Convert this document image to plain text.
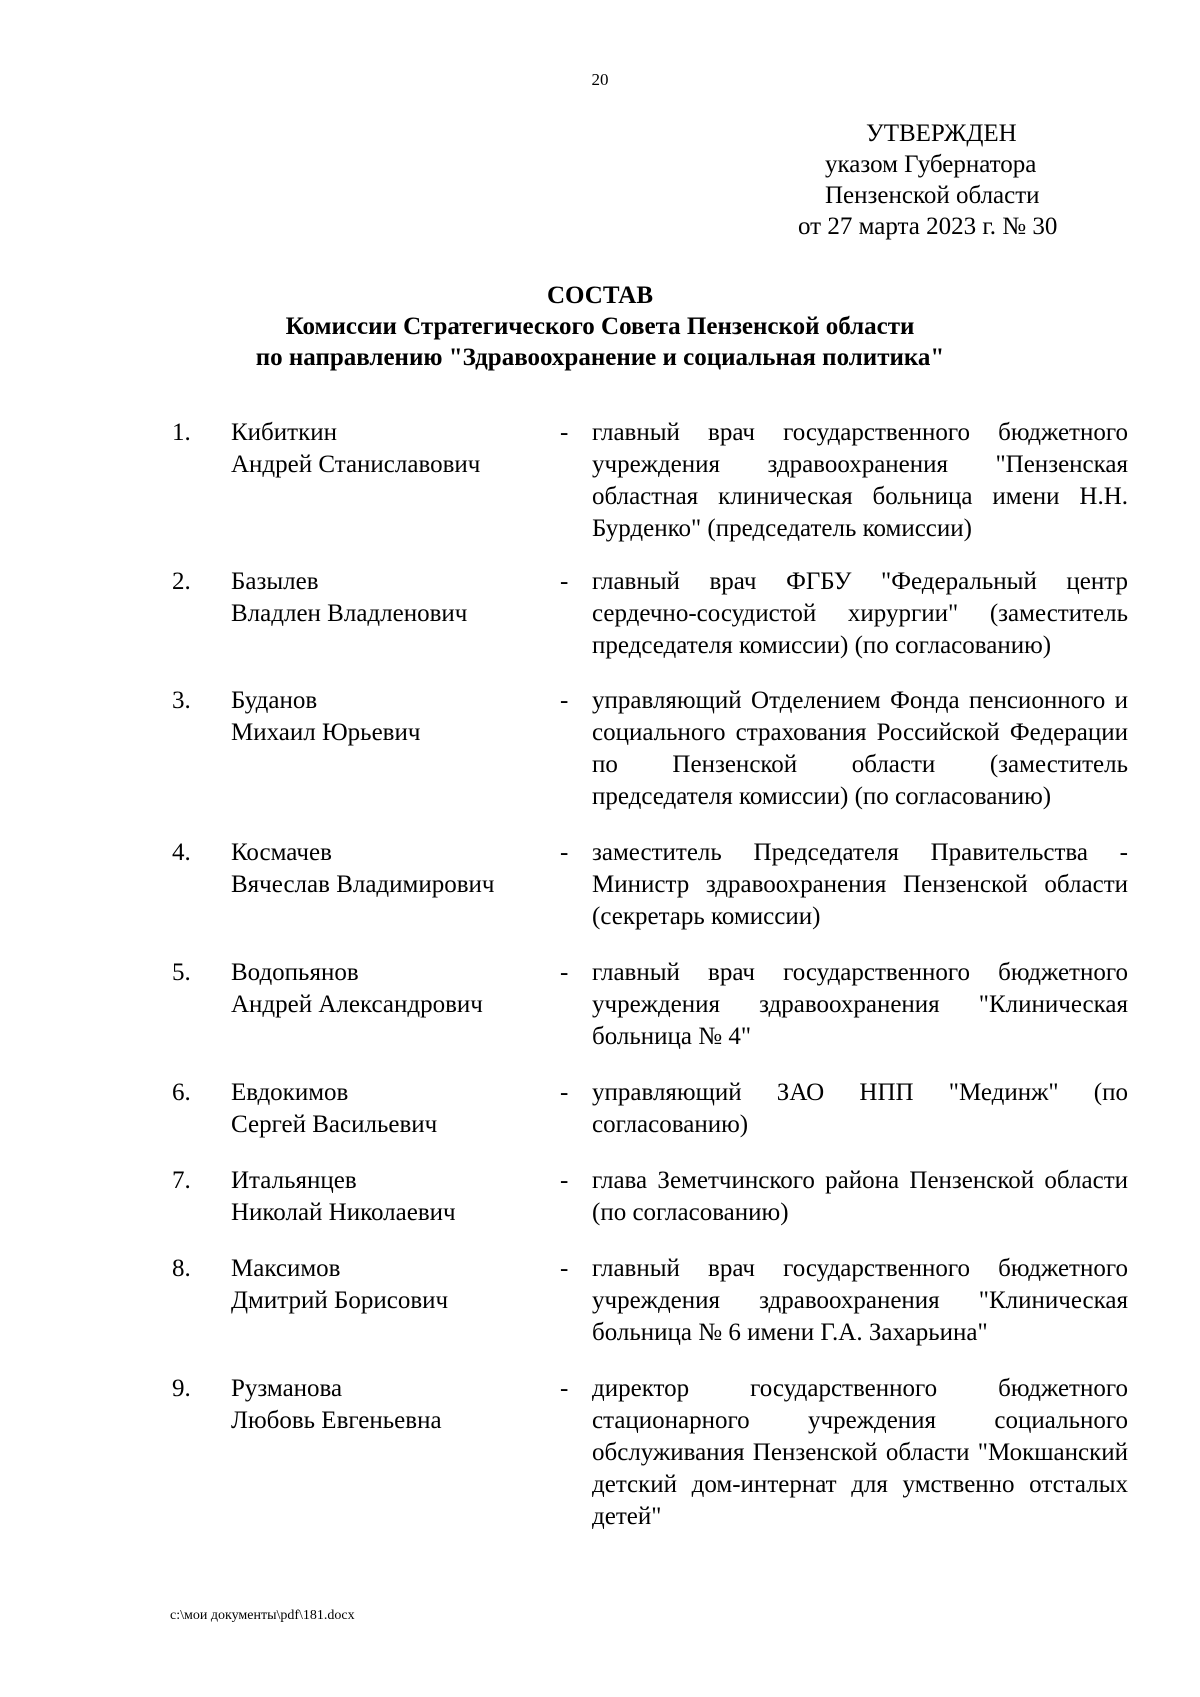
20
УТВЕРЖДЕН
указом Губернатора
Пензенской области
от 27 марта 2023 г. № 30
СОСТАВ
Комиссии Стратегического Совета Пензенской области
по направлению "Здравоохранение и социальная политика"
1. Кибиткин
Андрей Станиславович
- главный врач государственного бюджетного учреждения здравоохранения "Пензенская областная клиническая больница имени Н.Н. Бурденко" (председатель комиссии)
2. Базылев
Владлен Владленович
- главный врач ФГБУ "Федеральный центр сердечно-сосудистой хирургии" (заместитель председателя комиссии) (по согласованию)
3. Буданов
Михаил Юрьевич
- управляющий Отделением Фонда пенсионного и социального страхования Российской Федерации по Пензенской области (заместитель председателя комиссии) (по согласованию)
4. Космачев
Вячеслав Владимирович
- заместитель Председателя Правительства - Министр здравоохранения Пензенской области (секретарь комиссии)
5. Водопьянов
Андрей Александрович
- главный врач государственного бюджетного учреждения здравоохранения "Клиническая больница № 4"
6. Евдокимов
Сергей Васильевич
- управляющий ЗАО НПП "Мединж" (по согласованию)
7. Итальянцев
Николай Николаевич
- глава Земетчинского района Пензенской области (по согласованию)
8. Максимов
Дмитрий Борисович
- главный врач государственного бюджетного учреждения здравоохранения "Клиническая больница № 6 имени Г.А. Захарьина"
9. Рузманова
Любовь Евгеньевна
- директор государственного бюджетного стационарного учреждения социального обслуживания Пензенской области "Мокшанский детский дом-интернат для умственно отсталых детей"
c:\мои документы\pdf\181.docx
